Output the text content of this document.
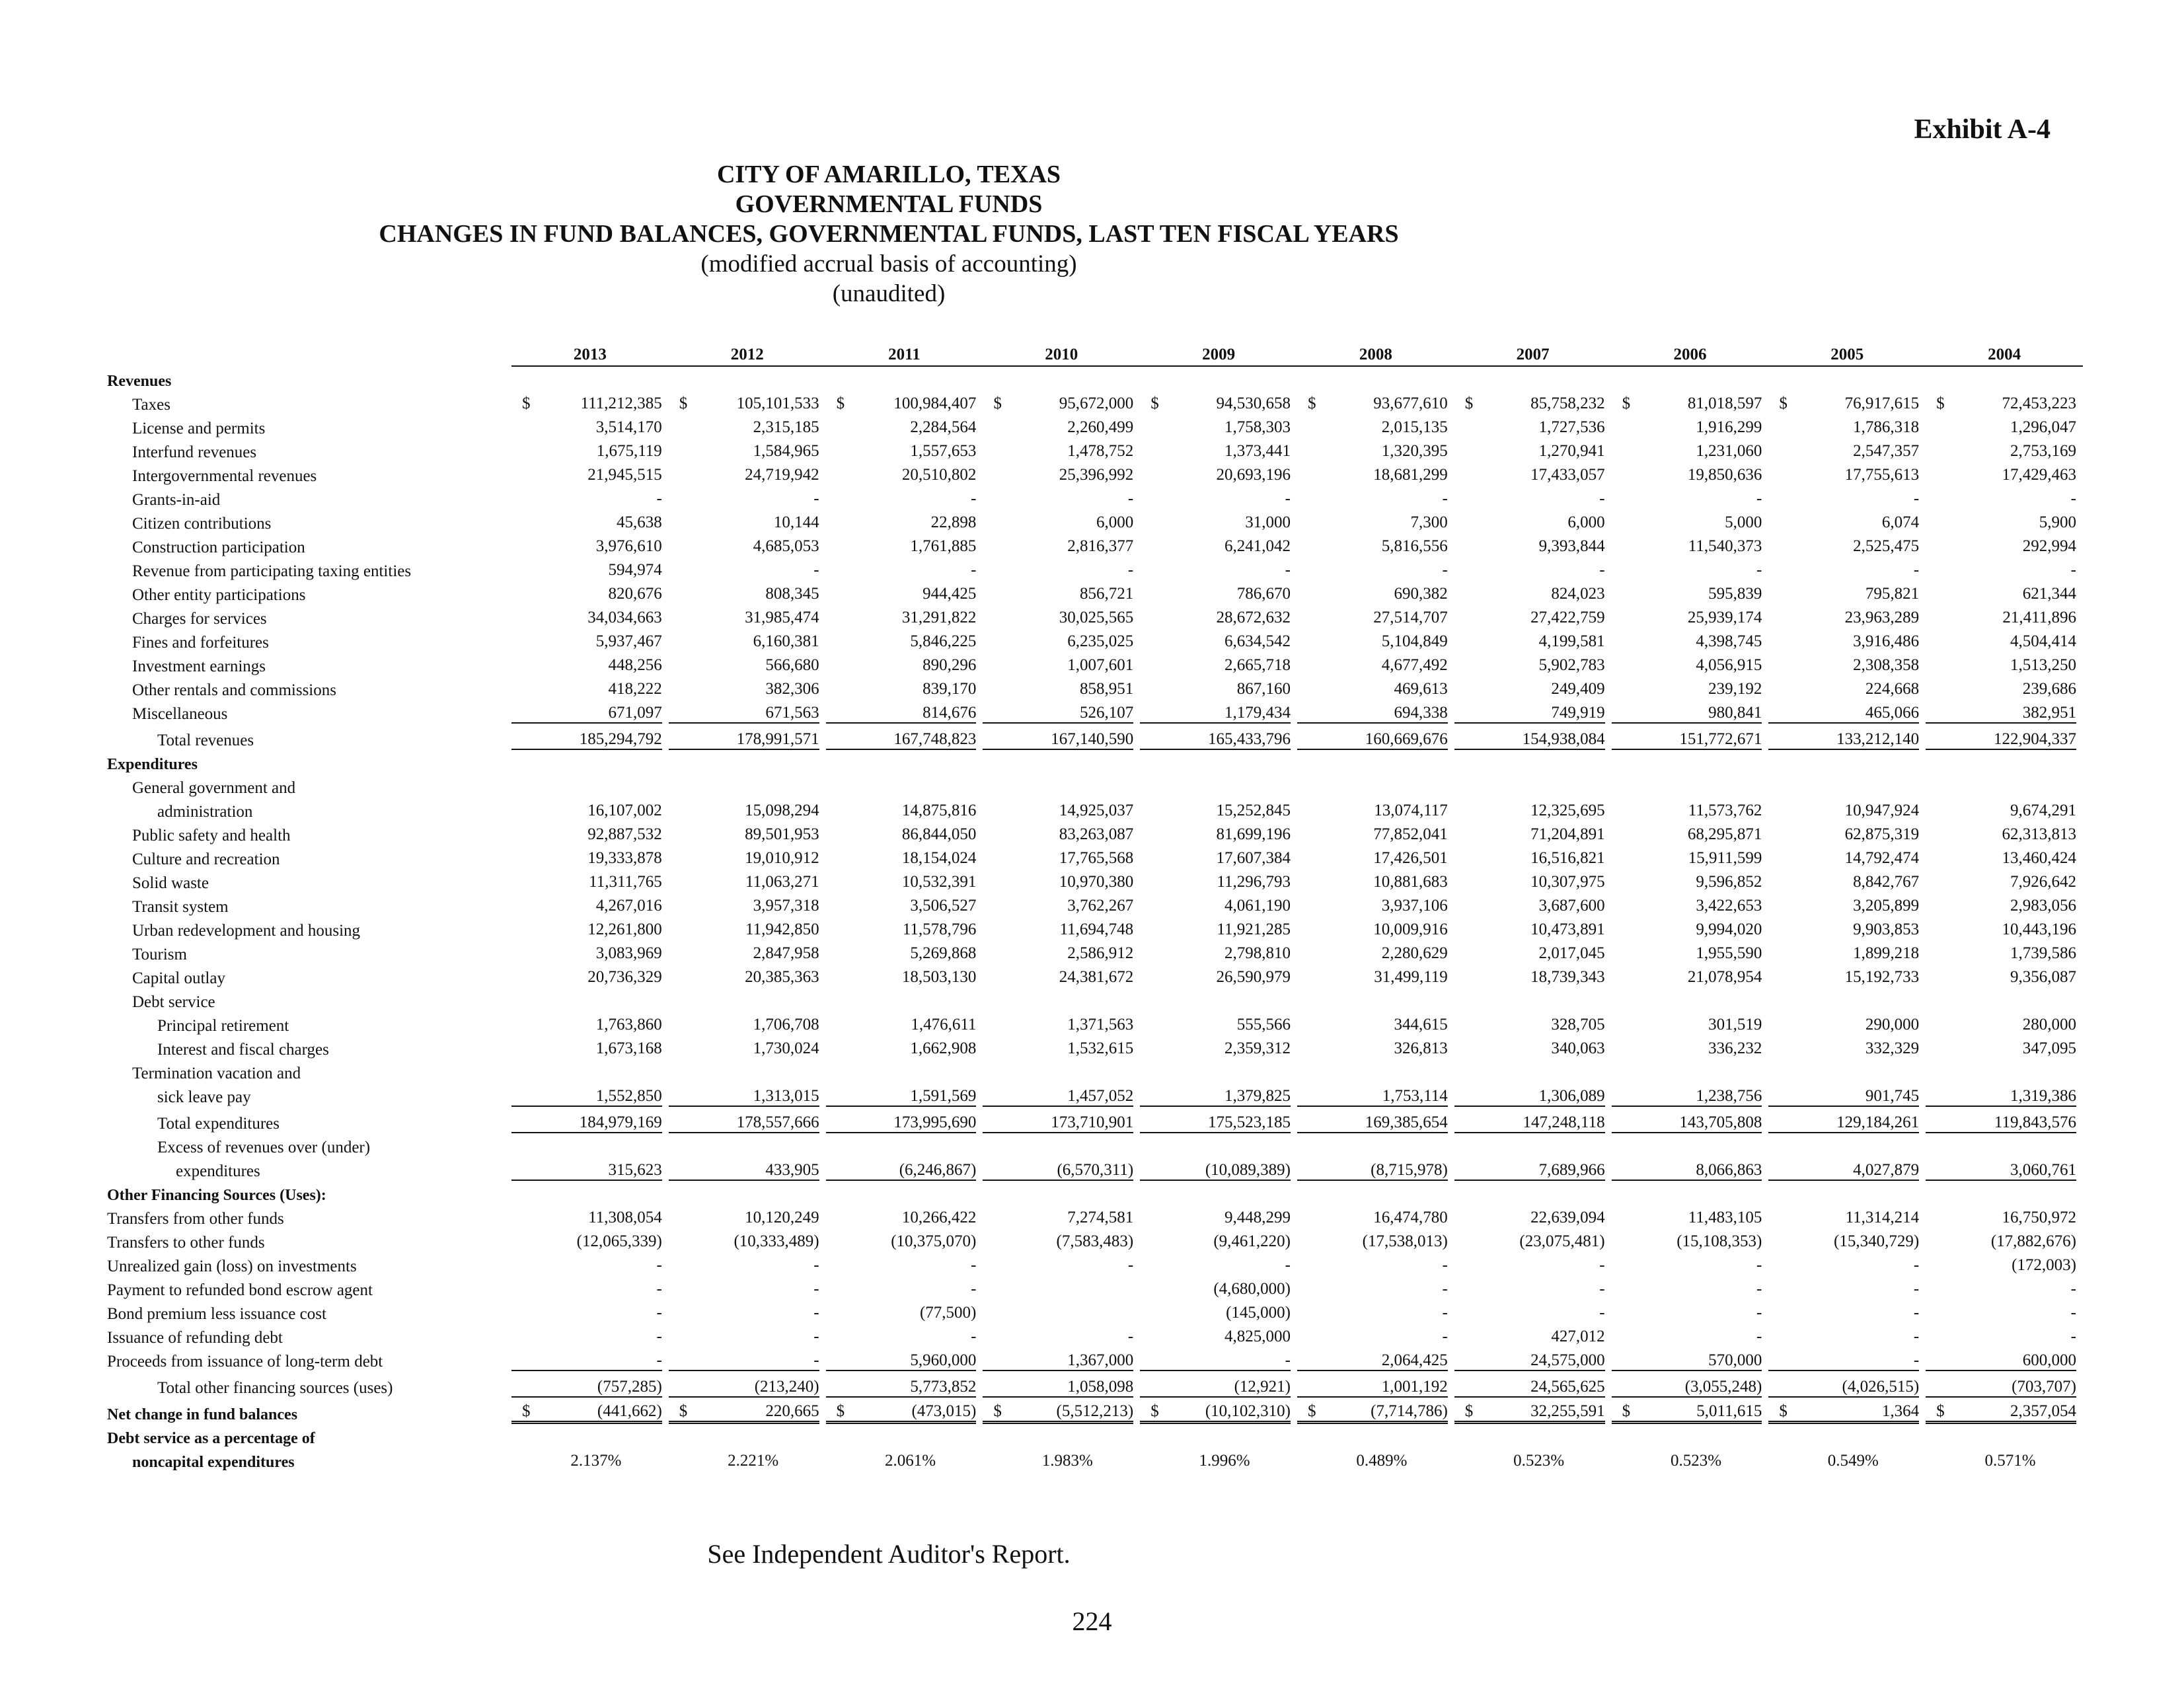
Exhibit A-4
CITY OF AMARILLO, TEXAS
GOVERNMENTAL FUNDS
CHANGES IN FUND BALANCES, GOVERNMENTAL FUNDS, LAST TEN FISCAL YEARS
(modified accrual basis of accounting)
(unaudited)
	2013	2012	2011	2010	2009	2008	2007	2006	2005	2004
Revenues										
Taxes	$ 111,212,385	$ 105,101,533	$ 100,984,407	$ 95,672,000	$ 94,530,658	$ 93,677,610	$ 85,758,232	$ 81,018,597	$ 76,917,615	$ 72,453,223

License and permits	3,514,170	2,315,185	2,284,564	2,260,499	1,758,303	2,015,135	1,727,536	1,916,299	1,786,318	1,296,047

Interfund revenues	1,675,119	1,584,965	1,557,653	1,478,752	1,373,441	1,320,395	1,270,941	1,231,060	2,547,357	2,753,169

Intergovernmental revenues	21,945,515	24,719,942	20,510,802	25,396,992	20,693,196	18,681,299	17,433,057	19,850,636	17,755,613	17,429,463

Grants-in-aid	-	-	-	-	-	-	-	-	-	-

Citizen contributions	45,638	10,144	22,898	6,000	31,000	7,300	6,000	5,000	6,074	5,900

Construction participation	3,976,610	4,685,053	1,761,885	2,816,377	6,241,042	5,816,556	9,393,844	11,540,373	2,525,475	292,994

Revenue from participating taxing entities	594,974	-	-	-	-	-	-	-	-	-

Other entity participations	820,676	808,345	944,425	856,721	786,670	690,382	824,023	595,839	795,821	621,344

Charges for services	34,034,663	31,985,474	31,291,822	30,025,565	28,672,632	27,514,707	27,422,759	25,939,174	23,963,289	21,411,896

Fines and forfeitures	5,937,467	6,160,381	5,846,225	6,235,025	6,634,542	5,104,849	4,199,581	4,398,745	3,916,486	4,504,414

Investment earnings	448,256	566,680	890,296	1,007,601	2,665,718	4,677,492	5,902,783	4,056,915	2,308,358	1,513,250

Other rentals and commissions	418,222	382,306	839,170	858,951	867,160	469,613	249,409	239,192	224,668	239,686

Miscellaneous	671,097	671,563	814,676	526,107	1,179,434	694,338	749,919	980,841	465,066	382,951

Total revenues	185,294,792	178,991,571	167,748,823	167,140,590	165,433,796	160,669,676	154,938,084	151,772,671	133,212,140	122,904,337

Expenditures										
General government and										
administration	16,107,002	15,098,294	14,875,816	14,925,037	15,252,845	13,074,117	12,325,695	11,573,762	10,947,924	9,674,291

Public safety and health	92,887,532	89,501,953	86,844,050	83,263,087	81,699,196	77,852,041	71,204,891	68,295,871	62,875,319	62,313,813

Culture and recreation	19,333,878	19,010,912	18,154,024	17,765,568	17,607,384	17,426,501	16,516,821	15,911,599	14,792,474	13,460,424

Solid waste	11,311,765	11,063,271	10,532,391	10,970,380	11,296,793	10,881,683	10,307,975	9,596,852	8,842,767	7,926,642

Transit system	4,267,016	3,957,318	3,506,527	3,762,267	4,061,190	3,937,106	3,687,600	3,422,653	3,205,899	2,983,056

Urban redevelopment and housing	12,261,800	11,942,850	11,578,796	11,694,748	11,921,285	10,009,916	10,473,891	9,994,020	9,903,853	10,443,196

Tourism	3,083,969	2,847,958	5,269,868	2,586,912	2,798,810	2,280,629	2,017,045	1,955,590	1,899,218	1,739,586

Capital outlay	20,736,329	20,385,363	18,503,130	24,381,672	26,590,979	31,499,119	18,739,343	21,078,954	15,192,733	9,356,087

Debt service										
Principal retirement	1,763,860	1,706,708	1,476,611	1,371,563	555,566	344,615	328,705	301,519	290,000	280,000

Interest and fiscal charges	1,673,168	1,730,024	1,662,908	1,532,615	2,359,312	326,813	340,063	336,232	332,329	347,095

Termination vacation and										
sick leave pay	1,552,850	1,313,015	1,591,569	1,457,052	1,379,825	1,753,114	1,306,089	1,238,756	901,745	1,319,386

Total expenditures	184,979,169	178,557,666	173,995,690	173,710,901	175,523,185	169,385,654	147,248,118	143,705,808	129,184,261	119,843,576

Excess of revenues over (under)										
expenditures	315,623	433,905	(6,246,867)	(6,570,311)	(10,089,389)	(8,715,978)	7,689,966	8,066,863	4,027,879	3,060,761

Other Financing Sources (Uses):										
Transfers from other funds	11,308,054	10,120,249	10,266,422	7,274,581	9,448,299	16,474,780	22,639,094	11,483,105	11,314,214	16,750,972

Transfers to other funds	(12,065,339)	(10,333,489)	(10,375,070)	(7,583,483)	(9,461,220)	(17,538,013)	(23,075,481)	(15,108,353)	(15,340,729)	(17,882,676)

Unrealized gain (loss) on investments	-	-	-	-	-	-	-	-	-	(172,003)

Payment to refunded bond escrow agent	-	-	-		(4,680,000)	-	-	-	-	-

Bond premium less issuance cost	-	-	(77,500)		(145,000)	-	-	-	-	-

Issuance of refunding debt	-	-	-	-	4,825,000	-	427,012	-	-	-

Proceeds from issuance of long-term debt	-	-	5,960,000	1,367,000	-	2,064,425	24,575,000	570,000	-	600,000

Total other financing sources (uses)	(757,285)	(213,240)	5,773,852	1,058,098	(12,921)	1,001,192	24,565,625	(3,055,248)	(4,026,515)	(703,707)

Net change in fund balances	$ (441,662)	$ 220,665	$ (473,015)	$ (5,512,213)	$ (10,102,310)	$ (7,714,786)	$ 32,255,591	$ 5,011,615	$ 1,364	$ 2,357,054

Debt service as a percentage of										
noncapital expenditures	2.137%	2.221%	2.061%	1.983%	1.996%	0.489%	0.523%	0.523%	0.549%	0.571%
See Independent Auditor's Report.
224
